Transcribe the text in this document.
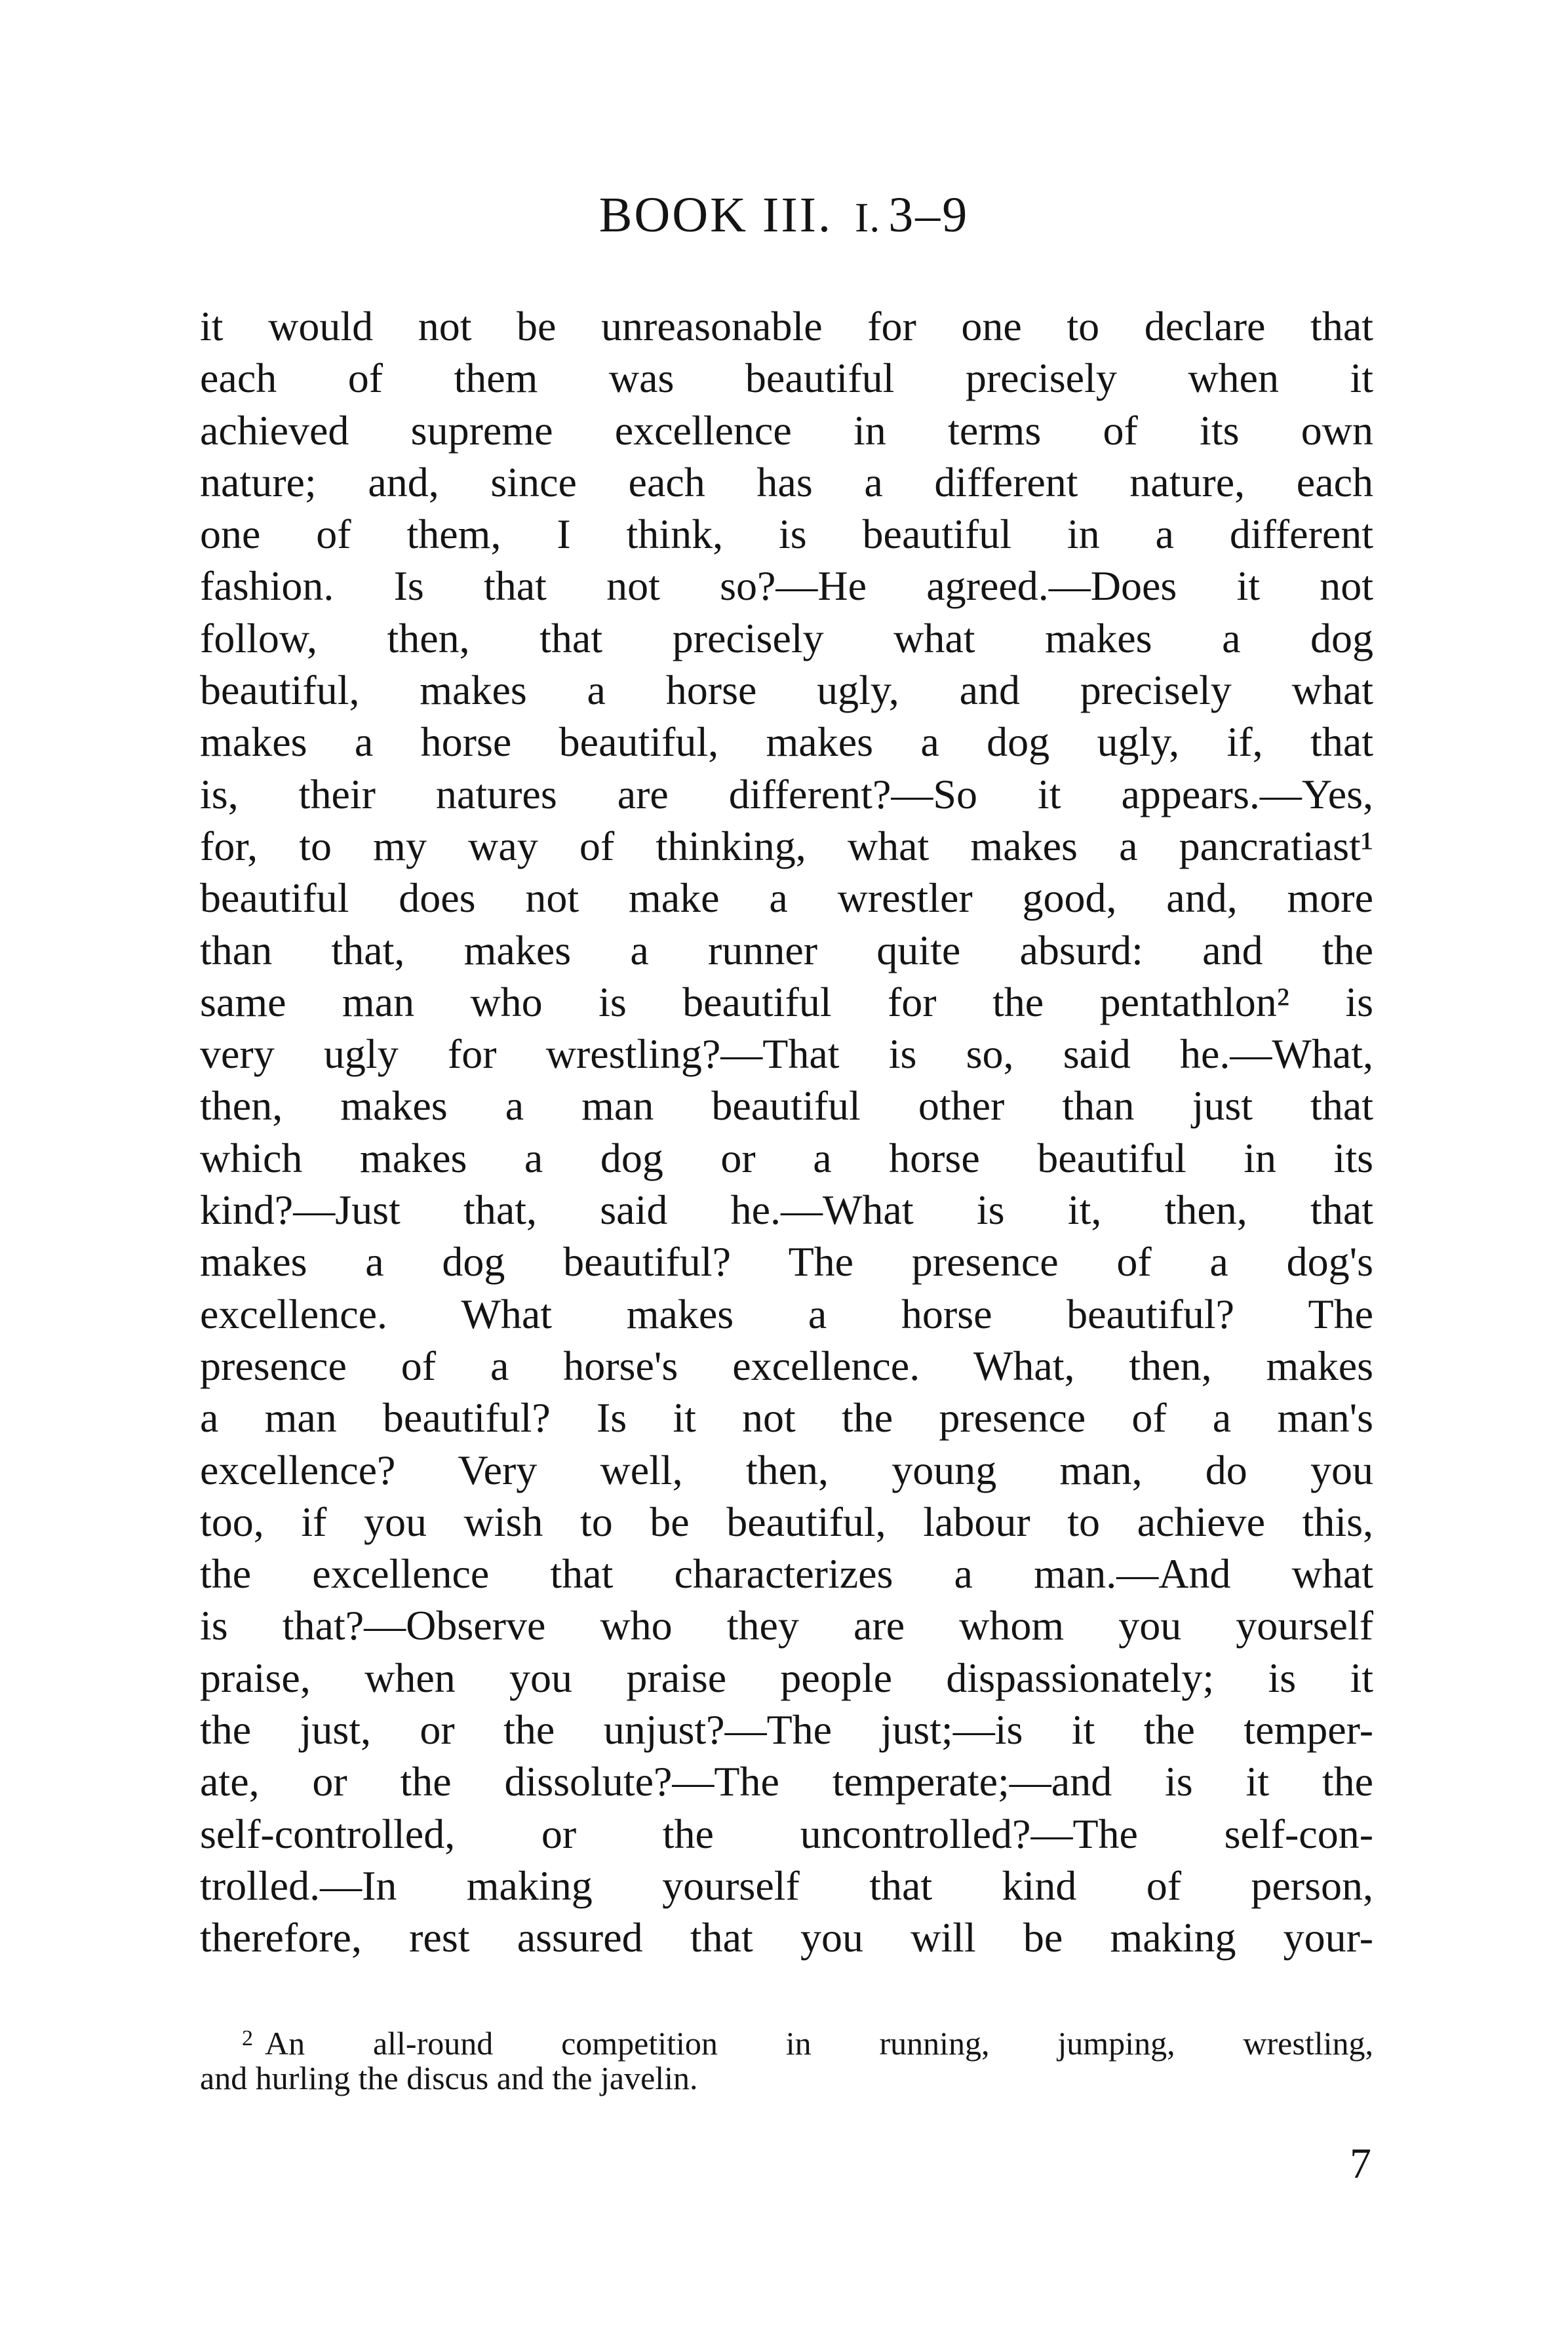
BOOK III. I. 3–9
it would not be unreasonable for one to declare that
each of them was beautiful precisely when it
achieved supreme excellence in terms of its own
nature; and, since each has a different nature, each
one of them, I think, is beautiful in a different
fashion. Is that not so?—He agreed.—Does it not
follow, then, that precisely what makes a dog
beautiful, makes a horse ugly, and precisely what
makes a horse beautiful, makes a dog ugly, if, that
is, their natures are different?—So it appears.—Yes,
for, to my way of thinking, what makes a pancratiast¹
beautiful does not make a wrestler good, and, more
than that, makes a runner quite absurd: and the
same man who is beautiful for the pentathlon² is
very ugly for wrestling?—That is so, said he.—What,
then, makes a man beautiful other than just that
which makes a dog or a horse beautiful in its
kind?—Just that, said he.—What is it, then, that
makes a dog beautiful? The presence of a dog's
excellence. What makes a horse beautiful? The
presence of a horse's excellence. What, then, makes
a man beautiful? Is it not the presence of a man's
excellence? Very well, then, young man, do you
too, if you wish to be beautiful, labour to achieve this,
the excellence that characterizes a man.—And what
is that?—Observe who they are whom you yourself
praise, when you praise people dispassionately; is it
the just, or the unjust?—The just;—is it the temper-
ate, or the dissolute?—The temperate;—and is it the
self-controlled, or the uncontrolled?—The self-con-
trolled.—In making yourself that kind of person,
therefore, rest assured that you will be making your-
$^2$ An all-round competition in running, jumping, wrestling,
and hurling the discus and the javelin.
7
